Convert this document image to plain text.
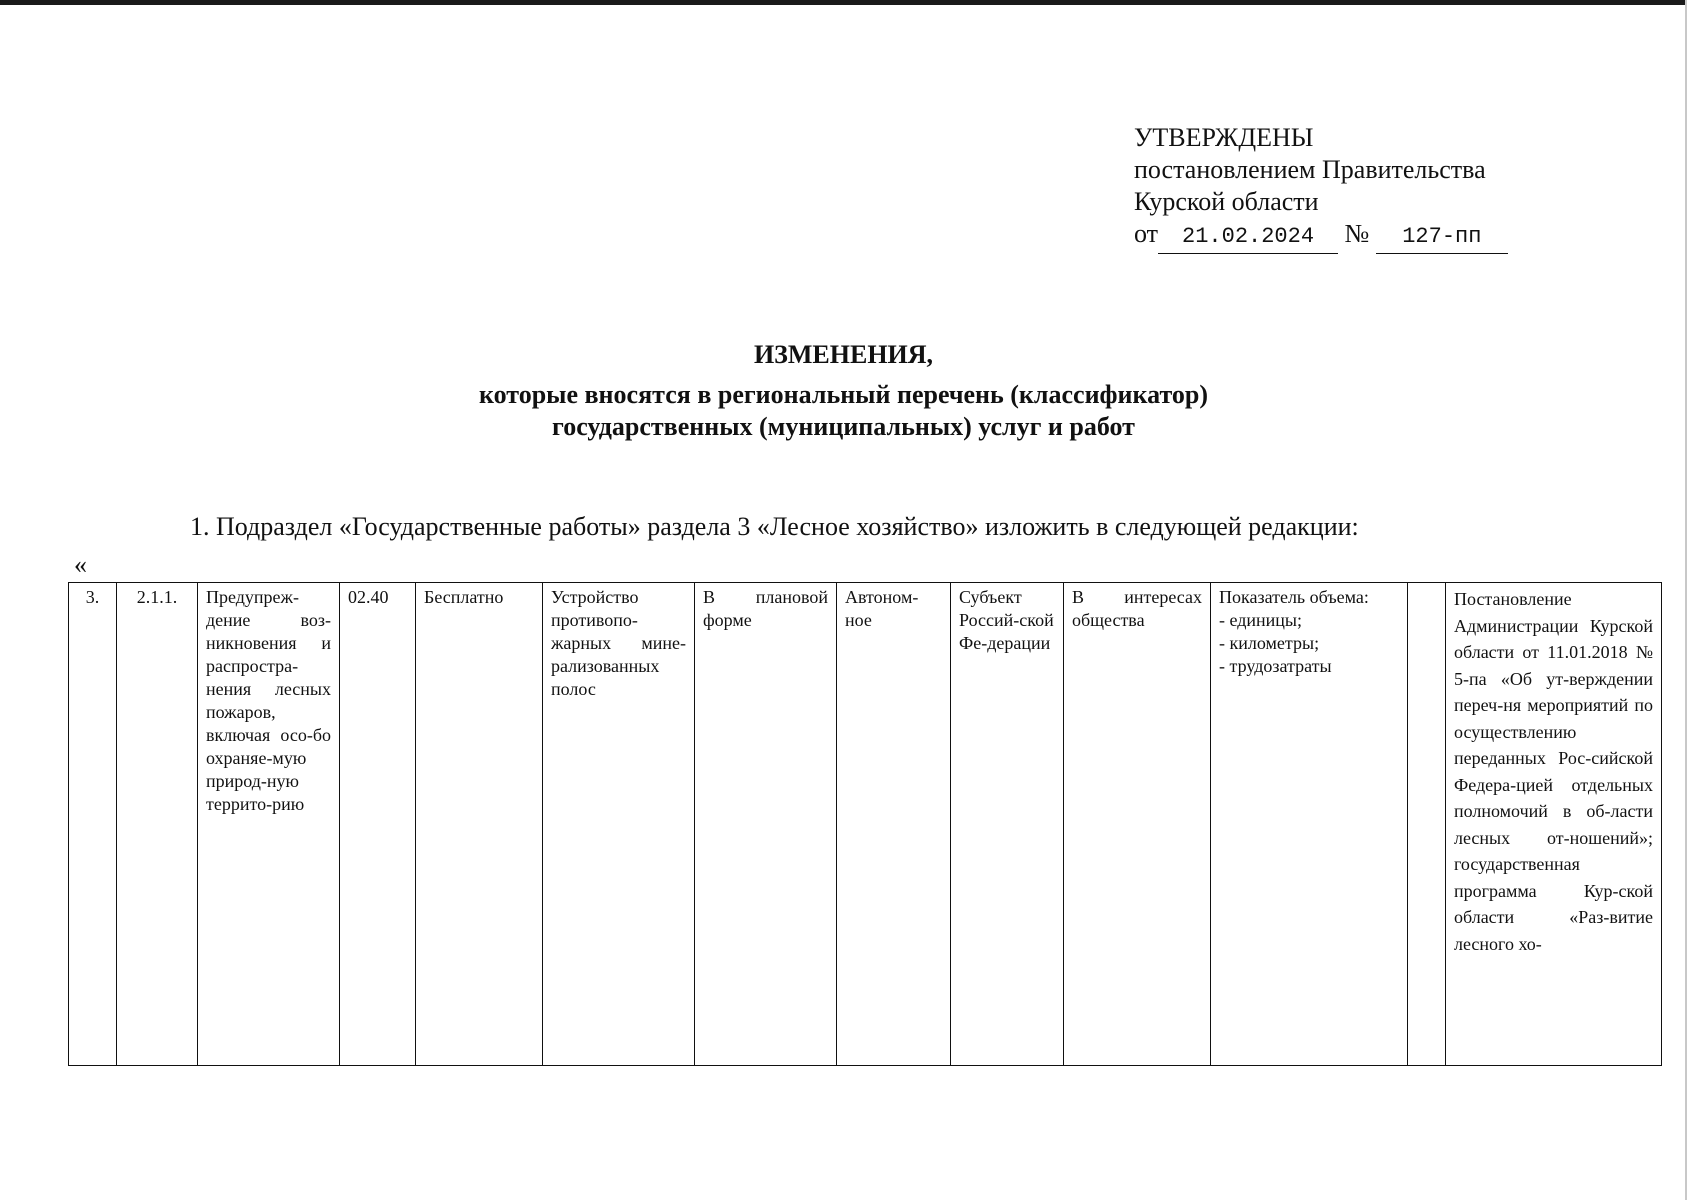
УТВЕРЖДЕНЫ
постановлением Правительства
Курской области
от 21.02.2024 № 127-пп
ИЗМЕНЕНИЯ,
которые вносятся в региональный перечень (классификатор)
государственных (муниципальных) услуг и работ
1. Подраздел «Государственные работы» раздела 3 «Лесное хозяйство» изложить в следующей редакции:
«
3.	2.1.1.	Предупреж-дение воз-никновения и распростра-нения лесных пожаров, включая осо-бо охраняе-мую природ-ную террито-рию	02.40	Бесплатно	Устройство противопо-жарных мине-рализованных полос	В плановой форме	Автоном-ное	Субъект Россий-ской Фе-дерации	В интересах общества	Показатель объема:
- единицы;
- километры;
- трудозатраты		Постановление Администрации Курской области от 11.01.2018 № 5-па «Об ут-верждении переч-ня мероприятий по осуществлению переданных Рос-сийской Федера-цией отдельных полномочий в об-ласти лесных от-ношений»; государственная программа Кур-ской области «Раз-витие лесного хо-
